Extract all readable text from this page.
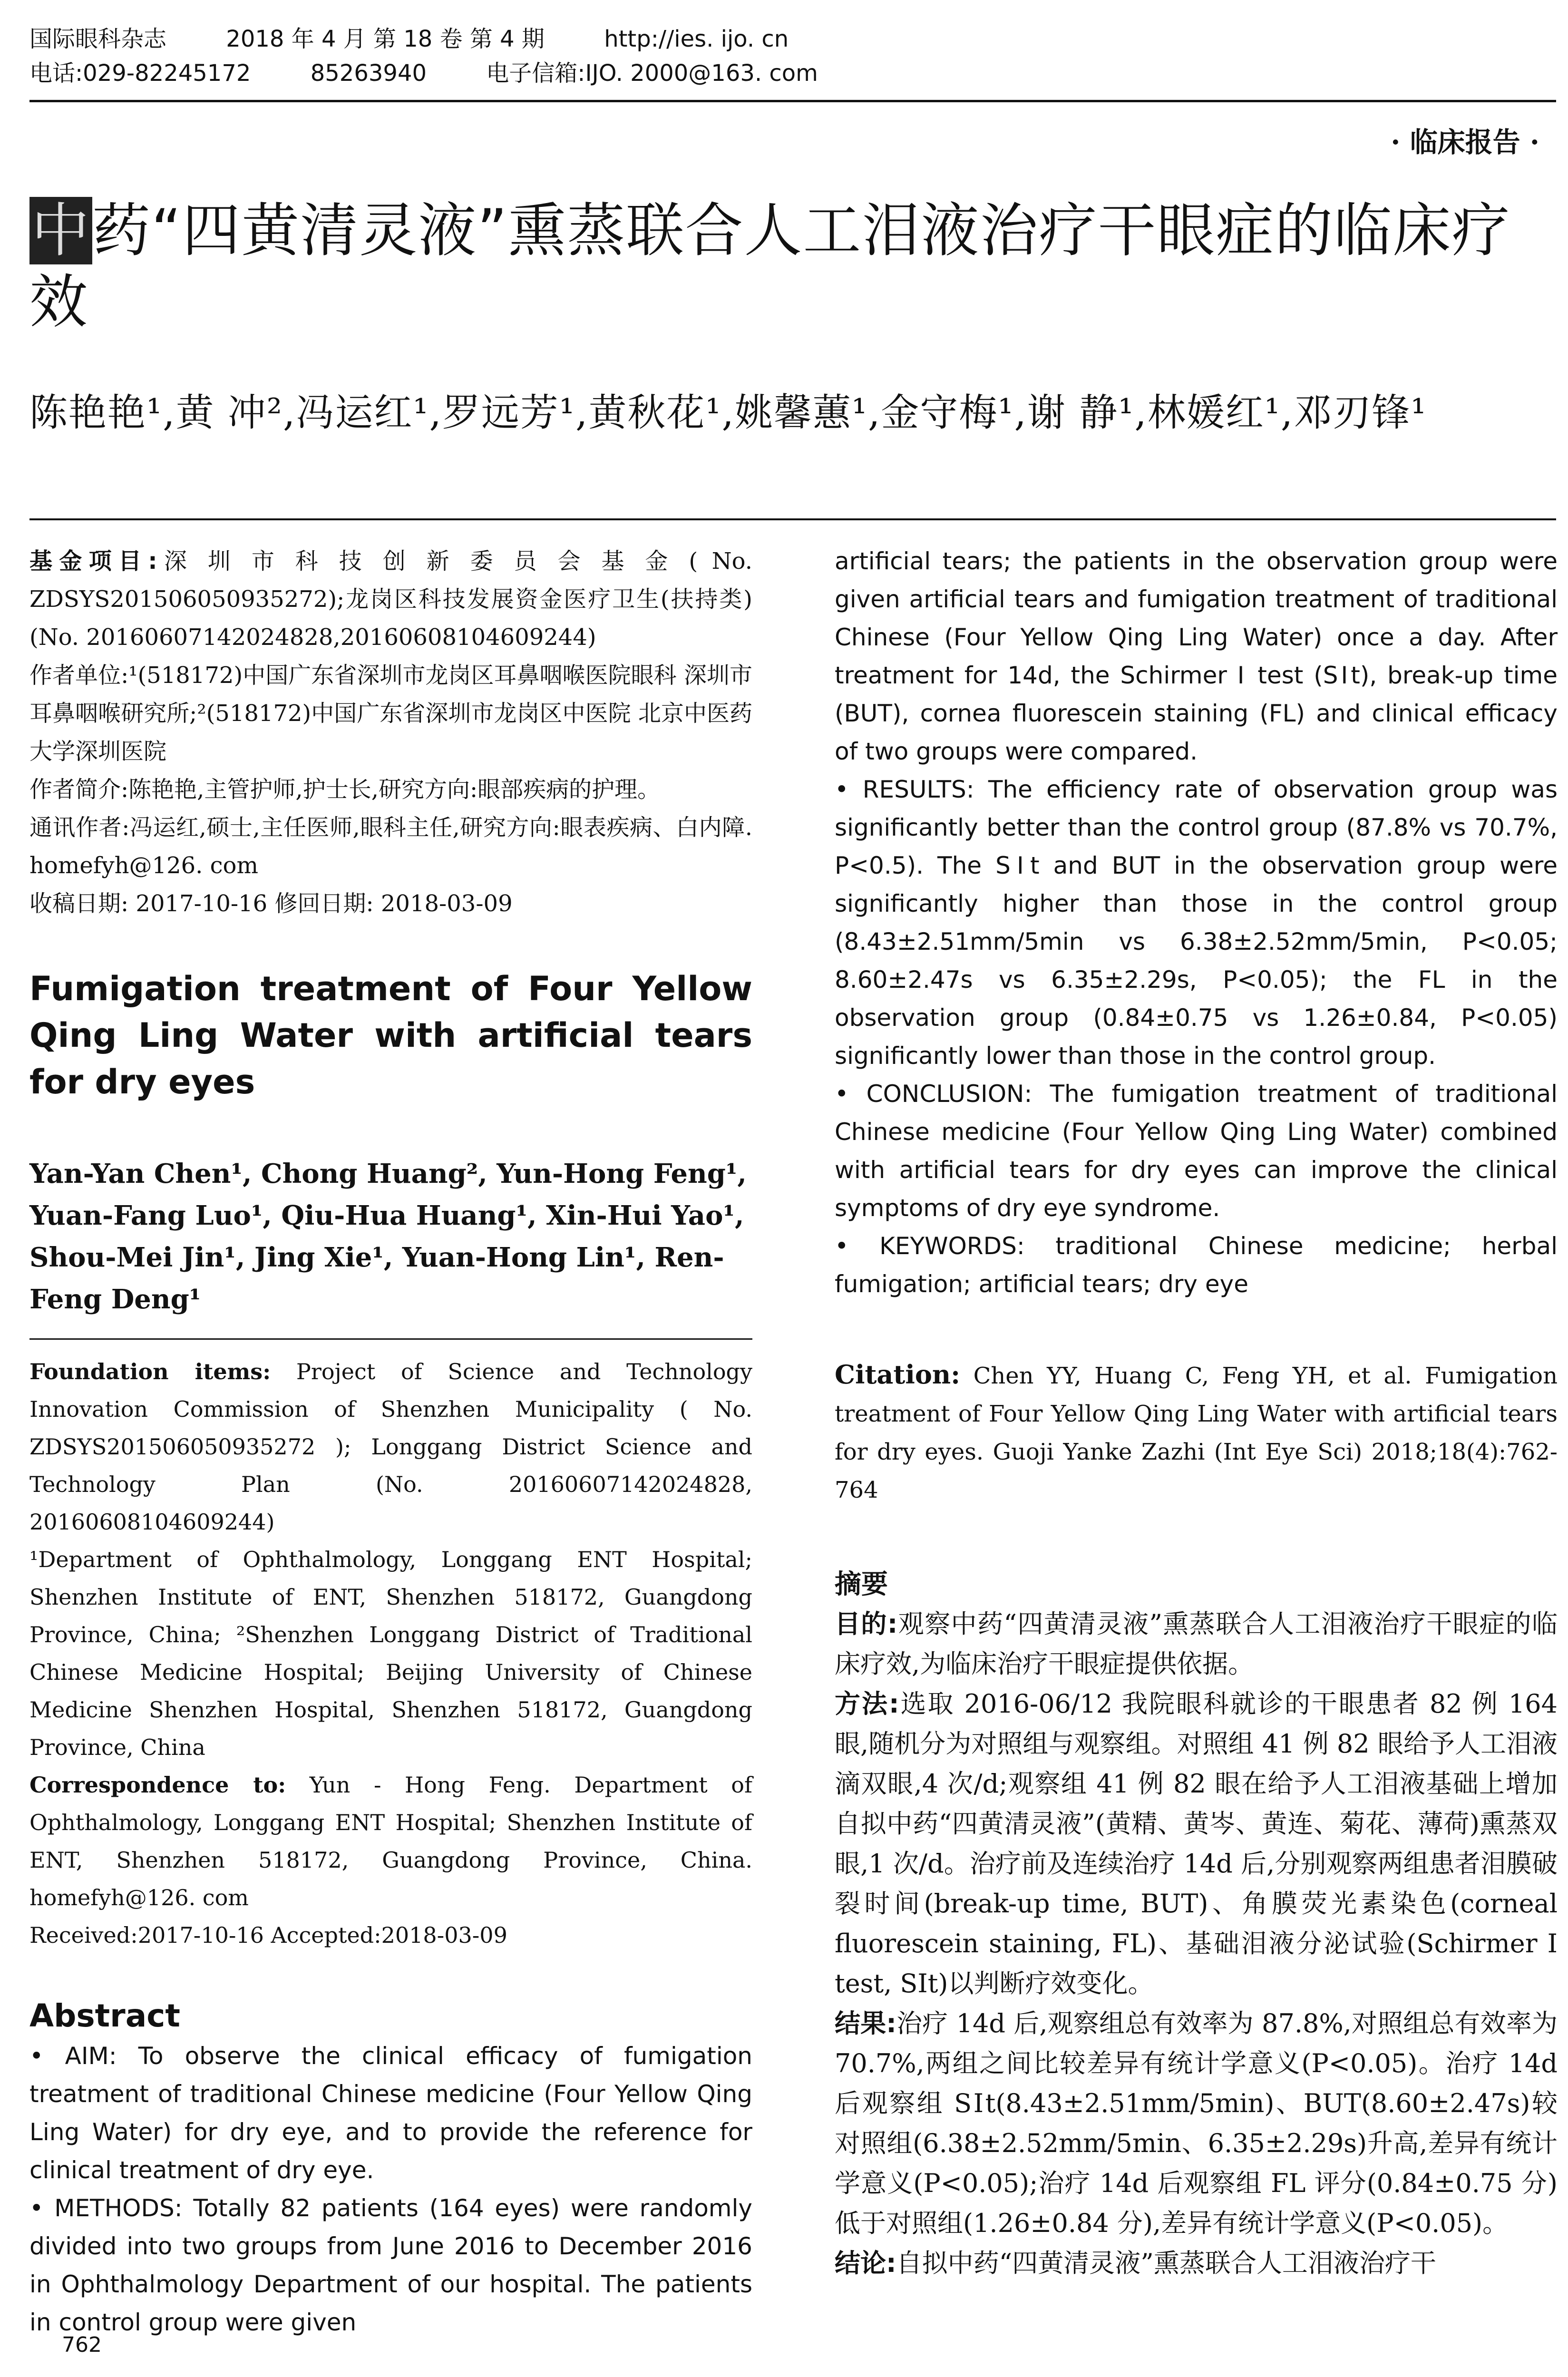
国际眼科杂志	2018 年 4 月 第 18 卷 第 4 期	http://ies. ijo. cn
电话:029-82245172	85263940	电子信箱:IJO. 2000@163. com
· 临床报告 ·
中药“四黄清灵液”熏蒸联合人工泪液治疗干眼症的临床疗效
陈艳艳¹,黄 冲²,冯运红¹,罗远芳¹,黄秋花¹,姚馨蕙¹,金守梅¹,谢 静¹,林媛红¹,邓刃锋¹

基金项目:深 圳 市 科 技 创 新 委 员 会 基 金 ( No. ZDSYS201506050935272);龙岗区科技发展资金医疗卫生(扶持类)(No. 20160607142024828,20160608104609244)

作者单位:¹(518172)中国广东省深圳市龙岗区耳鼻咽喉医院眼科 深圳市耳鼻咽喉研究所;²(518172)中国广东省深圳市龙岗区中医院 北京中医药大学深圳医院

作者简介:陈艳艳,主管护师,护士长,研究方向:眼部疾病的护理。

通讯作者:冯运红,硕士,主任医师,眼科主任,研究方向:眼表疾病、白内障. homefyh@126. com

收稿日期: 2017-10-16 修回日期: 2018-03-09

Fumigation treatment of Four Yellow Qing Ling Water with artificial tears for dry eyes
Yan-Yan Chen¹, Chong Huang², Yun-Hong Feng¹, Yuan-Fang Luo¹, Qiu-Hua Huang¹, Xin-Hui Yao¹, Shou-Mei Jin¹, Jing Xie¹, Yuan-Hong Lin¹, Ren-Feng Deng¹

Foundation items: Project of Science and Technology Innovation Commission of Shenzhen Municipality ( No. ZDSYS201506050935272 ); Longgang District Science and Technology Plan (No. 20160607142024828, 20160608104609244)

¹Department of Ophthalmology, Longgang ENT Hospital; Shenzhen Institute of ENT, Shenzhen 518172, Guangdong Province, China; ²Shenzhen Longgang District of Traditional Chinese Medicine Hospital; Beijing University of Chinese Medicine Shenzhen Hospital, Shenzhen 518172, Guangdong Province, China

Correspondence to: Yun - Hong Feng. Department of Ophthalmology, Longgang ENT Hospital; Shenzhen Institute of ENT, Shenzhen 518172, Guangdong Province, China. homefyh@126. com

Received:2017-10-16 Accepted:2018-03-09

Abstract
• AIM: To observe the clinical efficacy of fumigation treatment of traditional Chinese medicine (Four Yellow Qing Ling Water) for dry eye, and to provide the reference for clinical treatment of dry eye.
• METHODS: Totally 82 patients (164 eyes) were randomly divided into two groups from June 2016 to December 2016 in Ophthalmology Department of our hospital. The patients in control group were given
artificial tears; the patients in the observation group were given artificial tears and fumigation treatment of traditional Chinese (Four Yellow Qing Ling Water) once a day. After treatment for 14d, the Schirmer Ⅰ test (SⅠt), break-up time (BUT), cornea fluorescein staining (FL) and clinical efficacy of two groups were compared.
• RESULTS: The efficiency rate of observation group was significantly better than the control group (87.8% vs 70.7%, P<0.5). The SⅠt and BUT in the observation group were significantly higher than those in the control group (8.43±2.51mm/5min vs 6.38±2.52mm/5min, P<0.05; 8.60±2.47s vs 6.35±2.29s, P<0.05); the FL in the observation group (0.84±0.75 vs 1.26±0.84, P<0.05) significantly lower than those in the control group.
• CONCLUSION: The fumigation treatment of traditional Chinese medicine (Four Yellow Qing Ling Water) combined with artificial tears for dry eyes can improve the clinical symptoms of dry eye syndrome.
• KEYWORDS: traditional Chinese medicine; herbal fumigation; artificial tears; dry eye
Citation: Chen YY, Huang C, Feng YH, et al. Fumigation treatment of Four Yellow Qing Ling Water with artificial tears for dry eyes. Guoji Yanke Zazhi (Int Eye Sci) 2018;18(4):762-764
摘要

目的:观察中药“四黄清灵液”熏蒸联合人工泪液治疗干眼症的临床疗效,为临床治疗干眼症提供依据。

方法:选取 2016-06/12 我院眼科就诊的干眼患者 82 例 164 眼,随机分为对照组与观察组。对照组 41 例 82 眼给予人工泪液滴双眼,4 次/d;观察组 41 例 82 眼在给予人工泪液基础上增加自拟中药“四黄清灵液”(黄精、黄岑、黄连、菊花、薄荷)熏蒸双眼,1 次/d。治疗前及连续治疗 14d 后,分别观察两组患者泪膜破裂时间(break-up time, BUT)、角膜荧光素染色(corneal fluorescein staining, FL)、基础泪液分泌试验(Schirmer Ⅰ test, SⅠt)以判断疗效变化。

结果:治疗 14d 后,观察组总有效率为 87.8%,对照组总有效率为 70.7%,两组之间比较差异有统计学意义(P<0.05)。治疗 14d 后观察组 SⅠt(8.43±2.51mm/5min)、BUT(8.60±2.47s)较对照组(6.38±2.52mm/5min、6.35±2.29s)升高,差异有统计学意义(P<0.05);治疗 14d 后观察组 FL 评分(0.84±0.75 分)低于对照组(1.26±0.84 分),差异有统计学意义(P<0.05)。

结论:自拟中药“四黄清灵液”熏蒸联合人工泪液治疗干

762
